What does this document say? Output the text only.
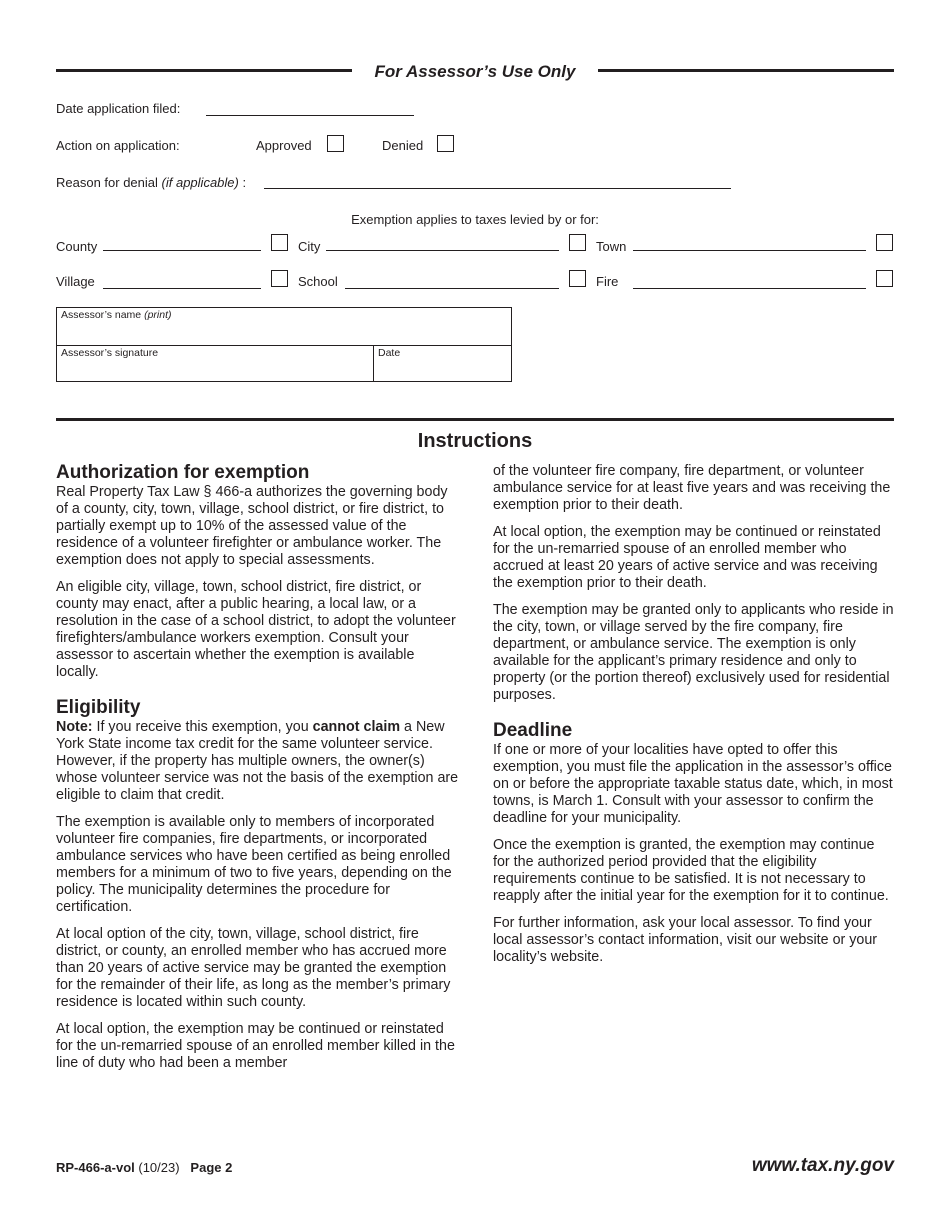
For Assessor’s Use Only
Date application filed:
Action on application:	Approved	Denied
Reason for denial (if applicable) :
Exemption applies to taxes levied by or for:
County	City	Town
Village	School	Fire
Assessor’s name (print)
Assessor’s signature	Date
Instructions
Authorization for exemption

Real Property Tax Law § 466-a authorizes the governing body of a county, city, town, village, school district, or fire district, to partially exempt up to 10% of the assessed value of the residence of a volunteer firefighter or ambulance worker. The exemption does not apply to special assessments.

An eligible city, village, town, school district, fire district, or county may enact, after a public hearing, a local law, or a resolution in the case of a school district, to adopt the volunteer firefighters/ambulance workers exemption. Consult your assessor to ascertain whether the exemption is available locally.

Eligibility

Note: If you receive this exemption, you cannot claim a New York State income tax credit for the same volunteer service. However, if the property has multiple owners, the owner(s) whose volunteer service was not the basis of the exemption are eligible to claim that credit.

The exemption is available only to members of incorporated volunteer fire companies, fire departments, or incorporated ambulance services who have been certified as being enrolled members for a minimum of two to five years, depending on the policy. The municipality determines the procedure for certification.

At local option of the city, town, village, school district, fire district, or county, an enrolled member who has accrued more than 20 years of active service may be granted the exemption for the remainder of their life, as long as the member’s primary residence is located within such county.

At local option, the exemption may be continued or reinstated for the un-remarried spouse of an enrolled member killed in the line of duty who had been a member

of the volunteer fire company, fire department, or volunteer ambulance service for at least five years and was receiving the exemption prior to their death.

At local option, the exemption may be continued or reinstated for the un-remarried spouse of an enrolled member who accrued at least 20 years of active service and was receiving the exemption prior to their death.

The exemption may be granted only to applicants who reside in the city, town, or village served by the fire company, fire department, or ambulance service. The exemption is only available for the applicant’s primary residence and only to property (or the portion thereof) exclusively used for residential purposes.

Deadline

If one or more of your localities have opted to offer this exemption, you must file the application in the assessor’s office on or before the appropriate taxable status date, which, in most towns, is March 1. Consult with your assessor to confirm the deadline for your municipality.

Once the exemption is granted, the exemption may continue for the authorized period provided that the eligibility requirements continue to be satisfied. It is not necessary to reapply after the initial year for the exemption for it to continue.

For further information, ask your local assessor. To find your local assessor’s contact information, visit our website or your locality’s website.

RP-466-a-vol (10/23) Page 2	www.tax.ny.gov
